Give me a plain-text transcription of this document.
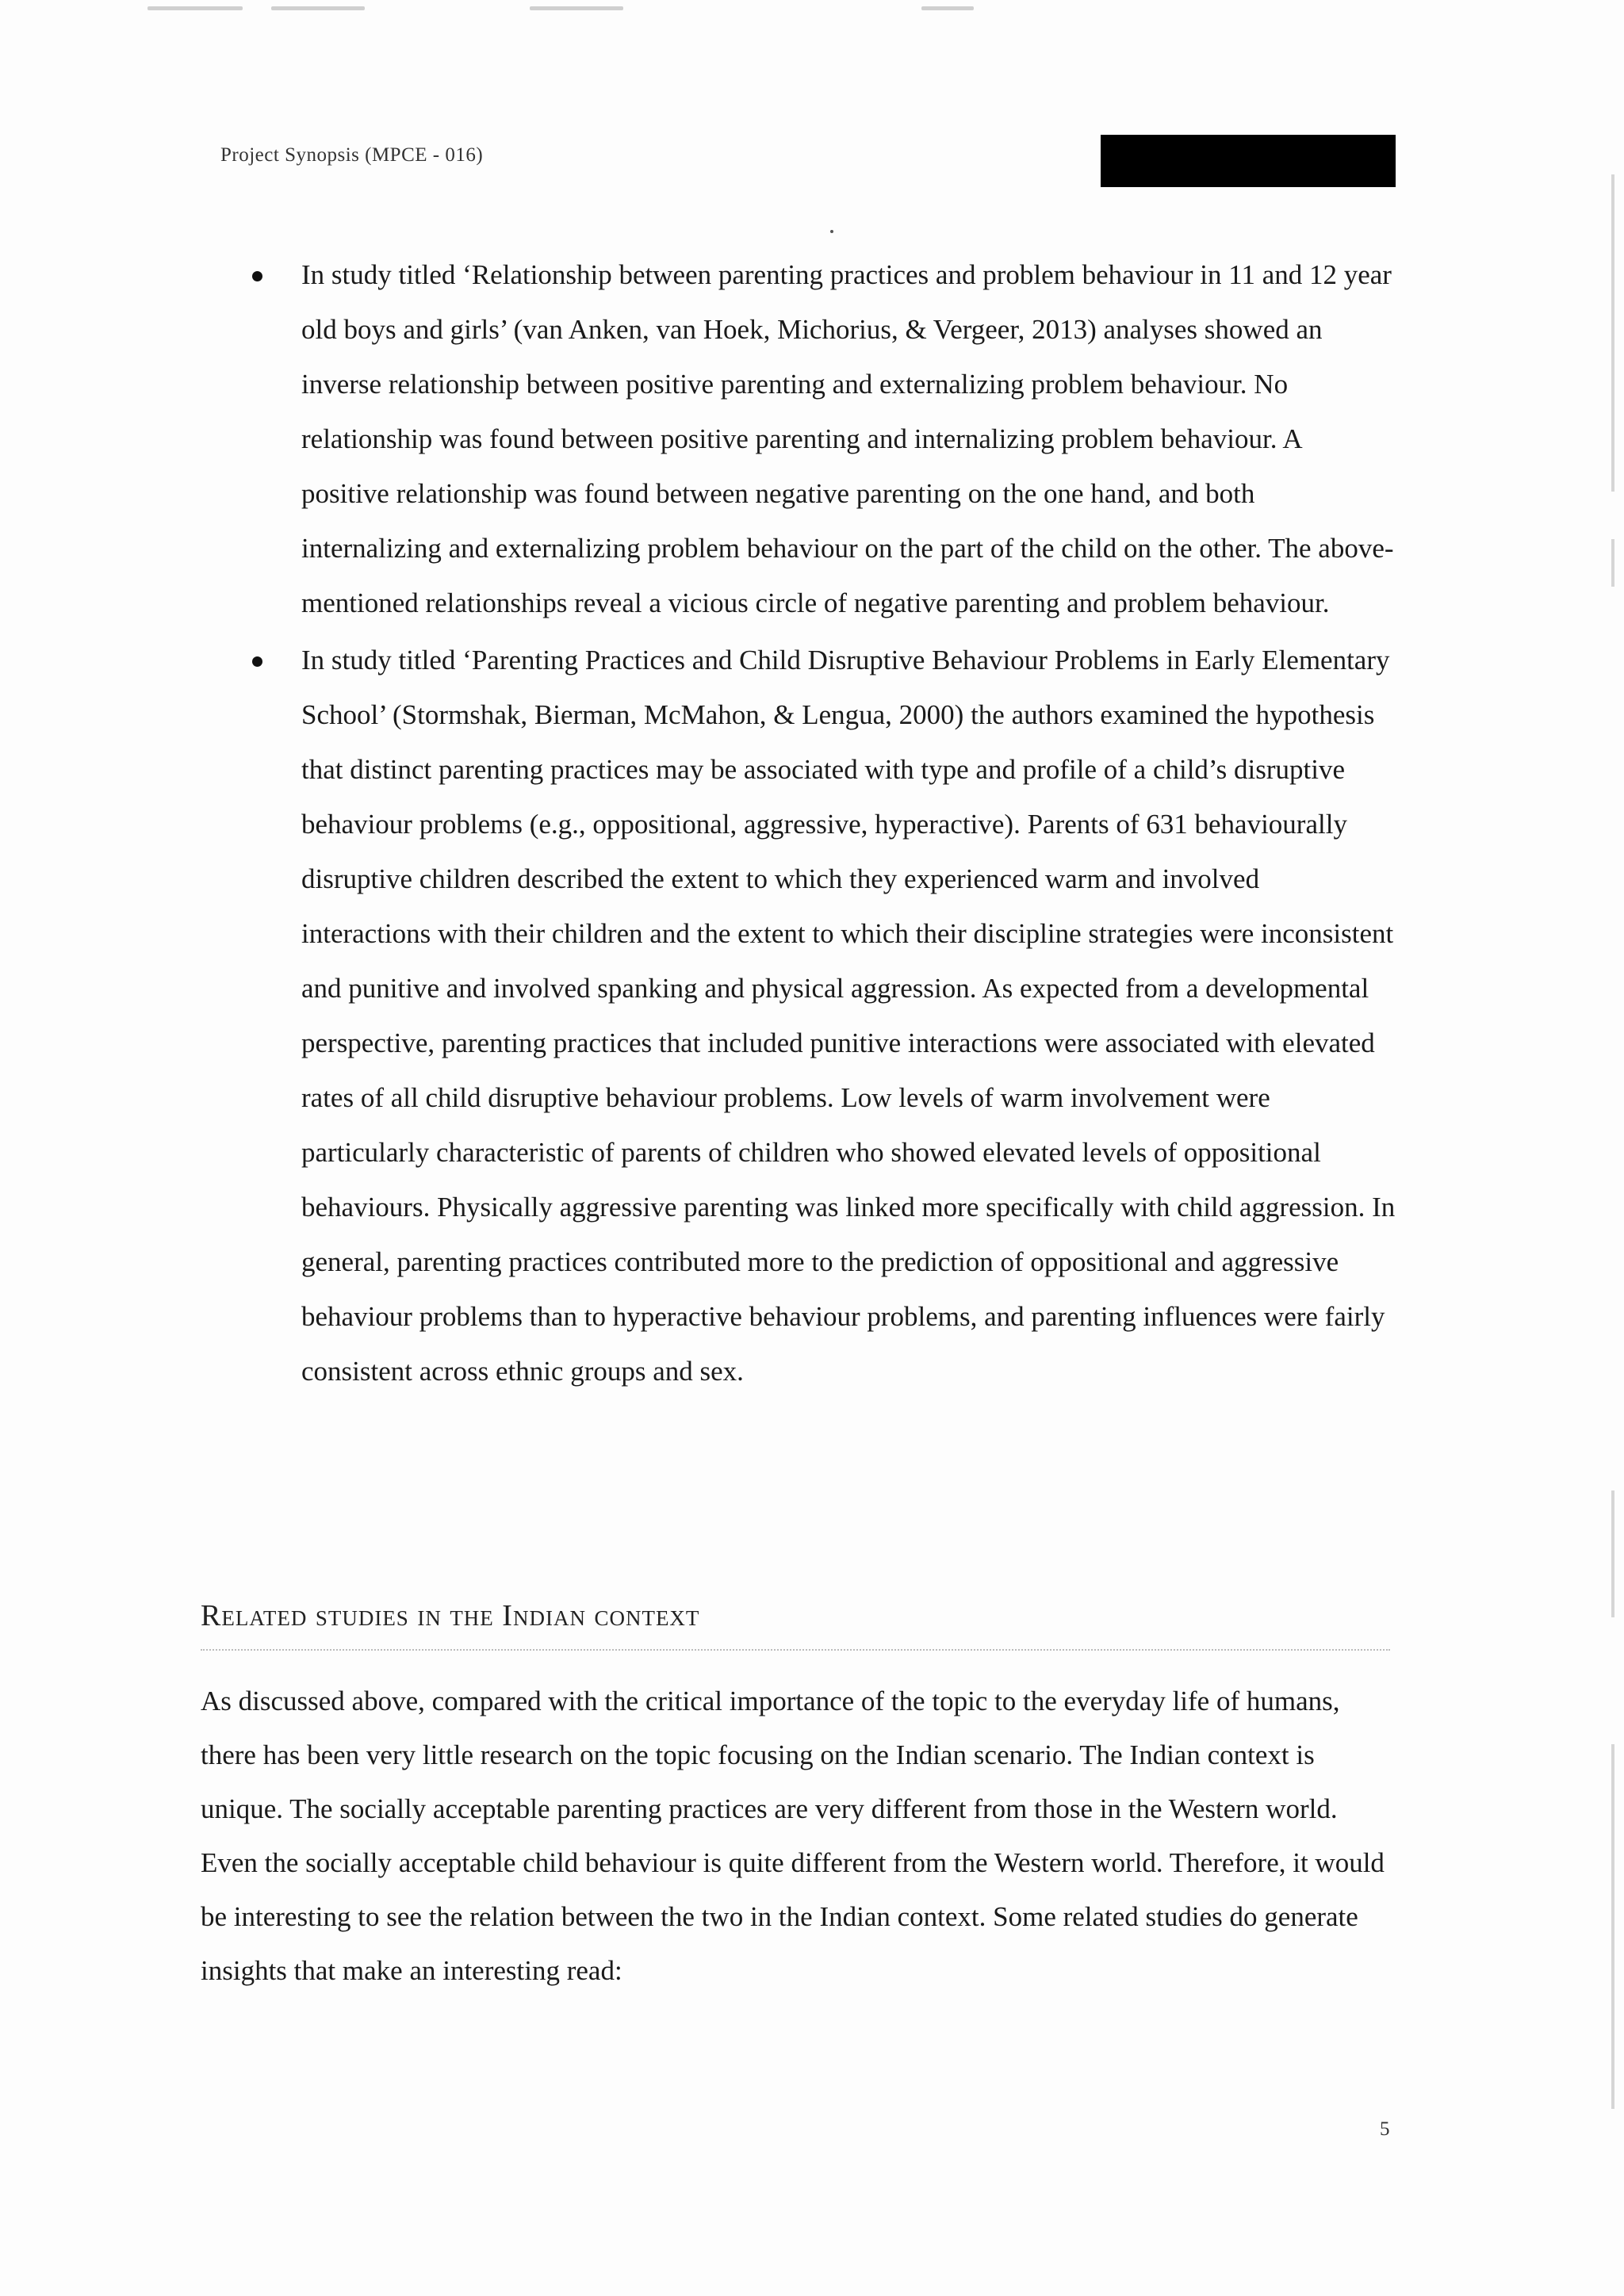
Project Synopsis (MPCE - 016)
In study titled ‘Relationship between parenting practices and problem behaviour in 11 and 12 year old boys and girls’ (van Anken, van Hoek, Michorius, & Vergeer, 2013) analyses showed an inverse relationship between positive parenting and externalizing problem behaviour. No relationship was found between positive parenting and internalizing problem behaviour. A positive relationship was found between negative parenting on the one hand, and both internalizing and externalizing problem behaviour on the part of the child on the other. The above-mentioned relationships reveal a vicious circle of negative parenting and problem behaviour.
In study titled ‘Parenting Practices and Child Disruptive Behaviour Problems in Early Elementary School’ (Stormshak, Bierman, McMahon, & Lengua, 2000) the authors examined the hypothesis that distinct parenting practices may be associated with type and profile of a child’s disruptive behaviour problems (e.g., oppositional, aggressive, hyperactive). Parents of 631 behaviourally disruptive children described the extent to which they experienced warm and involved interactions with their children and the extent to which their discipline strategies were inconsistent and punitive and involved spanking and physical aggression. As expected from a developmental perspective, parenting practices that included punitive interactions were associated with elevated rates of all child disruptive behaviour problems. Low levels of warm involvement were particularly characteristic of parents of children who showed elevated levels of oppositional behaviours. Physically aggressive parenting was linked more specifically with child aggression. In general, parenting practices contributed more to the prediction of oppositional and aggressive behaviour problems than to hyperactive behaviour problems, and parenting influences were fairly consistent across ethnic groups and sex.
Related studies in the Indian context

As discussed above, compared with the critical importance of the topic to the everyday life of humans, there has been very little research on the topic focusing on the Indian scenario. The Indian context is unique. The socially acceptable parenting practices are very different from those in the Western world. Even the socially acceptable child behaviour is quite different from the Western world. Therefore, it would be interesting to see the relation between the two in the Indian context. Some related studies do generate insights that make an interesting read:

5
